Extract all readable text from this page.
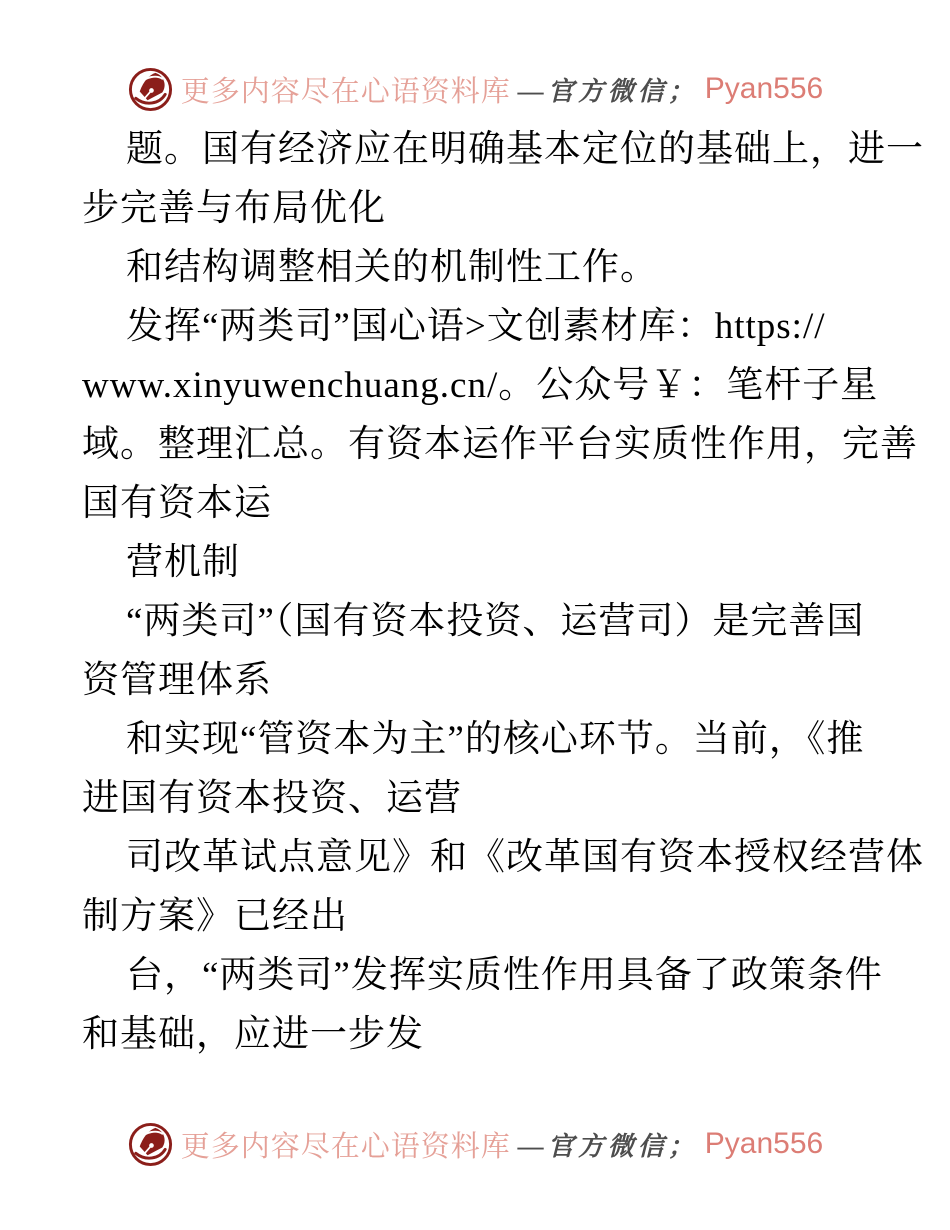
更多内容尽在心语资料库 —官方微信； Pyan556
题。国有经济应在明确基本定位的基础上，进一
步完善与布局优化
和结构调整相关的机制性工作。
发挥“两类司”国心语>文创素材库：https://
www.xinyuwenchuang.cn/。公众号￥：笔杆子星
域。整理汇总。有资本运作平台实质性作用，完善
国有资本运
营机制
“两类司”（国有资本投资、运营司）是完善国
资管理体系
和实现“管资本为主”的核心环节。当前，《推
进国有资本投资、运营
司改革试点意见》和《改革国有资本授权经营体
制方案》已经出
台，“两类司”发挥实质性作用具备了政策条件
和基础，应进一步发
更多内容尽在心语资料库 —官方微信； Pyan556
